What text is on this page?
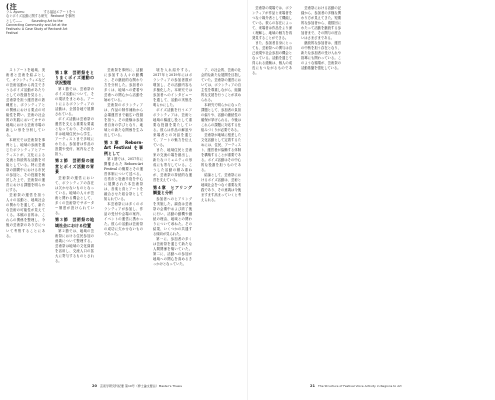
(注
ラム Ayumu　　　　　　する福祉エアートをつなぐポイズ活動に関する研究　Reckoné を事例として――　　　Sounding Art to the Connecting Community and Art at the Festivals: A Case Study of Reckoné Art Festival

ストアートを地域、美術者と芸術を結ぶとして、オランティティエなどの芸術活動から再生できうるポイズ活動があたりとしての役割を見ると、芸術祭を担う運営者の熟練度と、ポランティアとの関係における要点の可能性を問い、芸術の社会的の実践においてカヤの地域における芸術市場の新しい形を分析している。

本研究では芸術祭を事例とし、地域の参画を通じたボランティアとアーティストが、文化による交流と持続的な活動を可能としている。特に芸術祭の期間中における市民の参加と、その役割を検討した上で、芸術祭の運営における課題を明らかにする。

芸術祭の運営を担う人々の活動と、地域社会の関わりを通して、新たな芸術の可能性が見えてくる。本稿の目的は、これらの関係を整理し、今後の芸術祭のあり方について考察することにある。

第１章　芸術祭をとりまくポイズ運動の状況整理

第１節では、芸術祭のポイズ活動について、その現状をまとめる。アートによるボランティアの活動は、全国各地で展開されている。

ポイズ活動は芸術祭の運営を支える重要な要素となっており、その担い手は地域住民から学生、アーティストまで多岐にわたる。参加者は作品の設置や受付、案内などを担う。

第２節　芸術祭の運営とポイズ活動の背景

芸術祭の運営において、ボランティアの存在は欠かせないものとなっている。地域の人々が芸術と関わる機会として、多くの芸術祭でサポーター制度が設けられている。

第３節　芸術祭の地域社会における位置

第２節では、地域の芸術祭における住民参加の意義について整理する。芸術祭は地域の文化資源を活用し、交流人口の拡大に寄与するものとされる。

芸術祭を事例に、活動に参加する人々の動機と、その継続的な関わり方を分析した。参加者の多くは、地域への愛着や芸術への関心から活動を始めている。

芸術祭のボランティアは、作品の制作補助から会場運営まで幅広い役割を担う。その経験は参加者自身の学びとなり、地域との新たな関係を生み出している。

第３章　Reborn-Art Festival を事例として

第１節では、2017年に開催された Reborn-Art Festival の概要とその運営体制について述べる。石巻市と牡鹿半島を中心に展開された本芸術祭は、音楽と食とアートを融合させた総合祭として知られている。

本芸術祭には多くのボランティアが参加し、作品の受付や会場の案内、イベントの運営に携わった。彼らの活動は芸術祭の成功に欠かせないものであった。

境を入れ紹介する。2017年と2019年にはボランティアの参加者数が増加し、その活動内容も多様化した。本研究では参加者へのインタビューを通して、活動の実態を明らかにした。

ポイズ活動を行うエアボランティアは、芸術と地域の橋渡し役として重要な役割を果たしている。彼らは作品の解説や来場者との対話を通じて、アートの魅力を伝えている。

また、地域住民と芸術家の交流の場を創出し、新たなコミュニティの形成にも寄与している。こうした活動の積み重ねが、芸術祭の持続的な運営を支えている。

第４章　ヒアリング調査と分析

参加者へのヒアリングを実施した。調査は芸術祭の会期中および終了後に行い、活動の動機や継続の理由、地域との関わりについて尋ねた。その結果、いくつかの共通する傾向が見られた。

第一に、参加者の多くは芸術祭を通じて新たな人間関係を築いていた。第二に、活動への参加が地域への関心を高めるきっかけとなっていた。

ア、の社会的、芸術の社会的な新たな展開を目指していた。芸術祭の運営においては、ボランティアの自主性を尊重しながら、組織的な支援を行うことが求められる。

本研究で明らかになった課題として、参加者の負担の偏りや、活動の継続性の確保が挙げられる。今後はこれらの課題に対応する仕組みづくりが必要である。

芸術祭が地域に根差した文化活動として定着するためには、住民、アーティスト、運営者が協働する体制を構築することが重要である。ボイズ活動はその中心的な役割を担うものである。

結論として、芸術祭におけるボイズ活動は、芸術と地域社会をつなぐ重要な実践であり、その意義は今後ますます高まっていくと考えられる。

20 芸術学研究科紀要 第10号（修士論文要旨）Master's Thesis

芸術祭の現場では、ボランティアが作品と来場者をつなぐ媒介者として機能している。彼らの存在によって、来場者は作品をより深く理解し、地域の魅力を再発見することができる。

また、参加者自身にとっても、芸術祭への関与は自己表現や社会参加の機会となっている。活動を通じて得られる経験は、個人の成長にもつながるものである。

芸術祭における活動の記録から、参加者の多様な関わり方が見えてきた。短期的な参加者から、複数回にわたって活動を継続する参加者まで、その関与の度合いはさまざまである。

継続的な参加者は、運営の中核を担う存在となり、新たな参加者の受け入れや指導にも関わっている。このような循環が、芸術祭の活動基盤を強化している。

21 The Structure of Festival Voice Activity in Regions to Art
